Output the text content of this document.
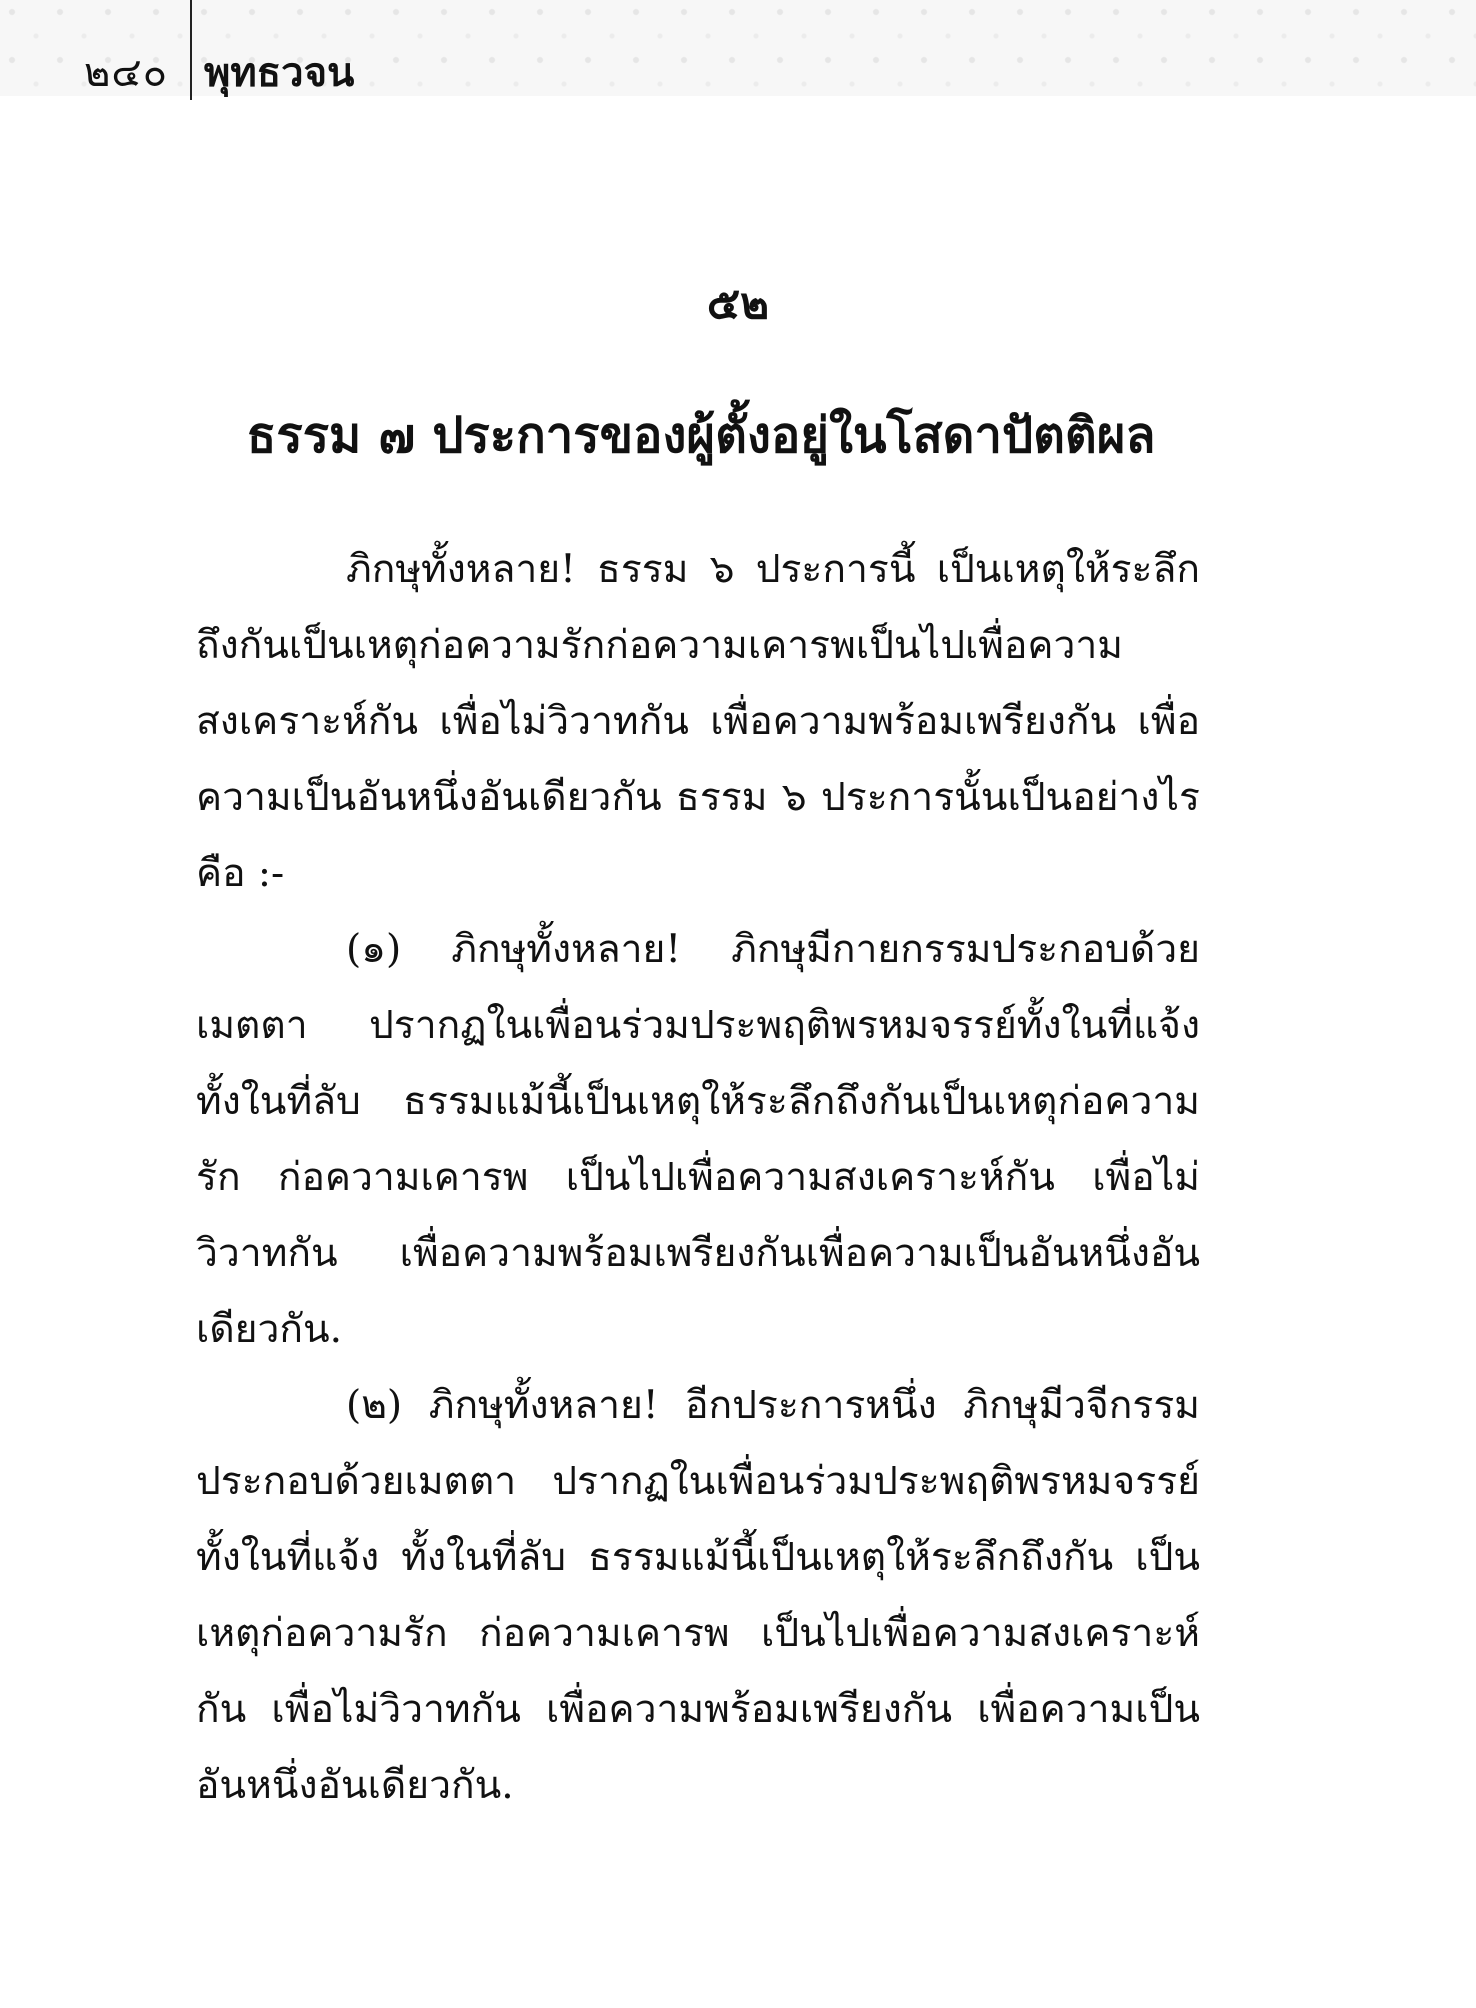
๒๔๐ พุทธวจน
๕๒
ธรรม ๗ ประการของผู้ตั้งอยู่ในโสดาปัตติผล

ภิกษุทั้งหลาย! ธรรม ๖ ประการนี้ เป็นเหตุให้ระลึกถึงกันเป็นเหตุก่อความรักก่อความเคารพเป็นไปเพื่อความสงเคราะห์กัน เพื่อไม่วิวาทกัน เพื่อความพร้อมเพรียงกัน เพื่อความเป็นอันหนึ่งอันเดียวกัน ธรรม ๖ ประการนั้นเป็นอย่างไร คือ :-

(๑) ภิกษุทั้งหลาย! ภิกษุมีกายกรรมประกอบด้วยเมตตา ปรากฏในเพื่อนร่วมประพฤติพรหมจรรย์ทั้งในที่แจ้ง ทั้งในที่ลับ ธรรมแม้นี้เป็นเหตุให้ระลึกถึงกันเป็นเหตุก่อความรัก ก่อความเคารพ เป็นไปเพื่อความสงเคราะห์กัน เพื่อไม่วิวาทกัน เพื่อความพร้อมเพรียงกันเพื่อความเป็นอันหนึ่งอันเดียวกัน.

(๒) ภิกษุทั้งหลาย! อีกประการหนึ่ง ภิกษุมีวจีกรรมประกอบด้วยเมตตา ปรากฏในเพื่อนร่วมประพฤติพรหมจรรย์ ทั้งในที่แจ้ง ทั้งในที่ลับ ธรรมแม้นี้เป็นเหตุให้ระลึกถึงกัน เป็นเหตุก่อความรัก ก่อความเคารพ เป็นไปเพื่อความสงเคราะห์กัน เพื่อไม่วิวาทกัน เพื่อความพร้อมเพรียงกัน เพื่อความเป็นอันหนึ่งอันเดียวกัน.
